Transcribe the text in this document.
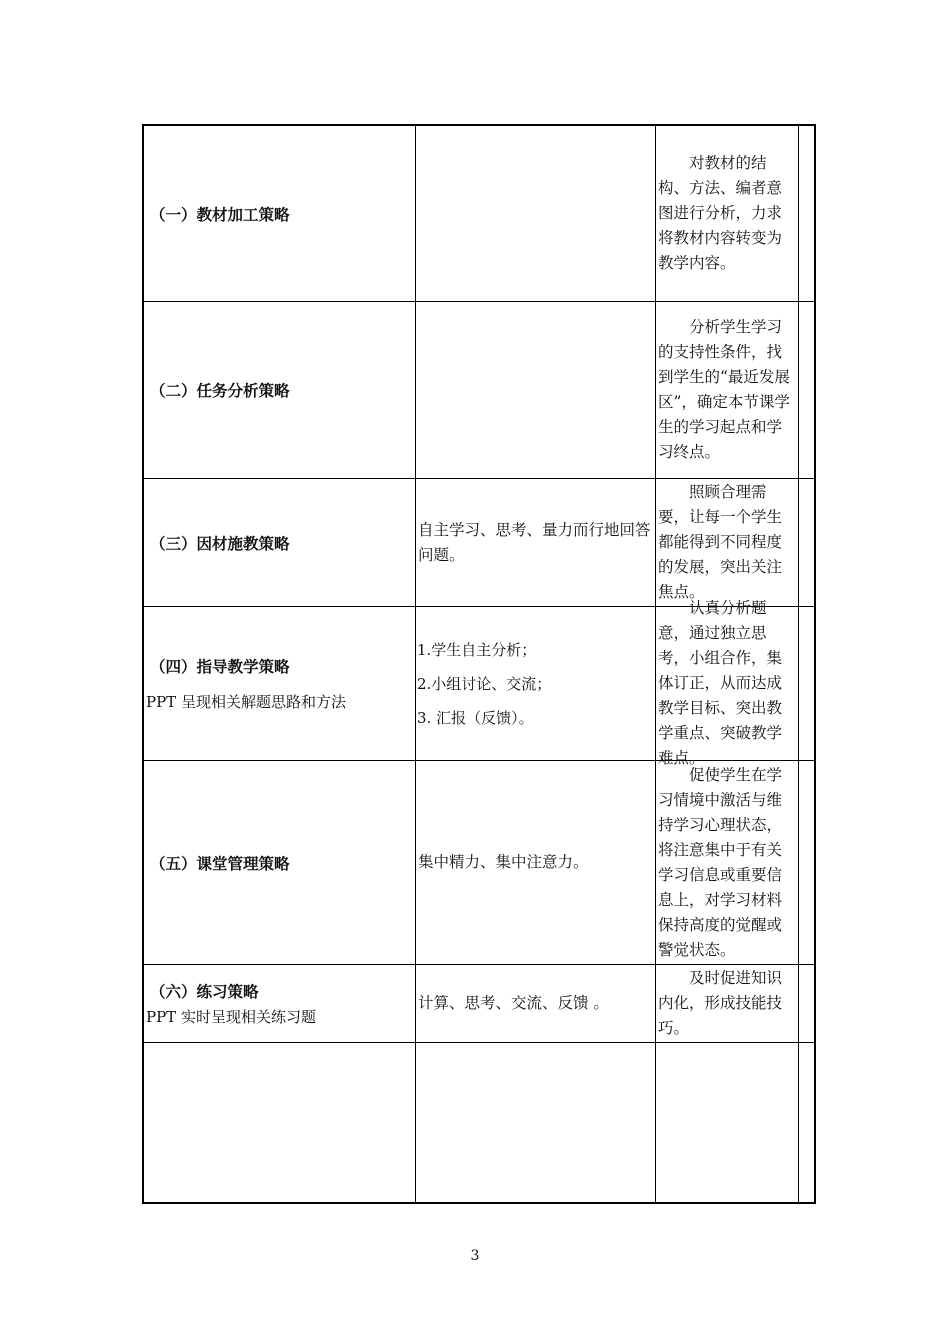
（一）教材加工策略
对教材的结构、方法、编者意图进行分析，力求将教材内容转变为教学内容。
（二）任务分析策略
分析学生学习的支持性条件，找到学生的“最近发展区”，确定本节课学生的学习起点和学习终点。
（三）因材施教策略
自主学习、思考、量力而行地回答问题。
照顾合理需要，让每一个学生都能得到不同程度的发展，突出关注焦点。
（四）指导教学策略
PPT 呈现相关解题思路和方法
1.学生自主分析；
2.小组讨论、交流；
3. 汇报（反馈）。
认真分析题意，通过独立思考，小组合作，集体订正，从而达成教学目标、突出教学重点、突破教学难点。
（五）课堂管理策略	集中精力、集中注意力。
促使学生在学习情境中激活与维持学习心理状态，将注意集中于有关学习信息或重要信息上，对学习材料保持高度的觉醒或警觉状态。
（六）练习策略
PPT 实时呈现相关练习题
计算、思考、交流、反馈 。
及时促进知识内化，形成技能技巧。
3
